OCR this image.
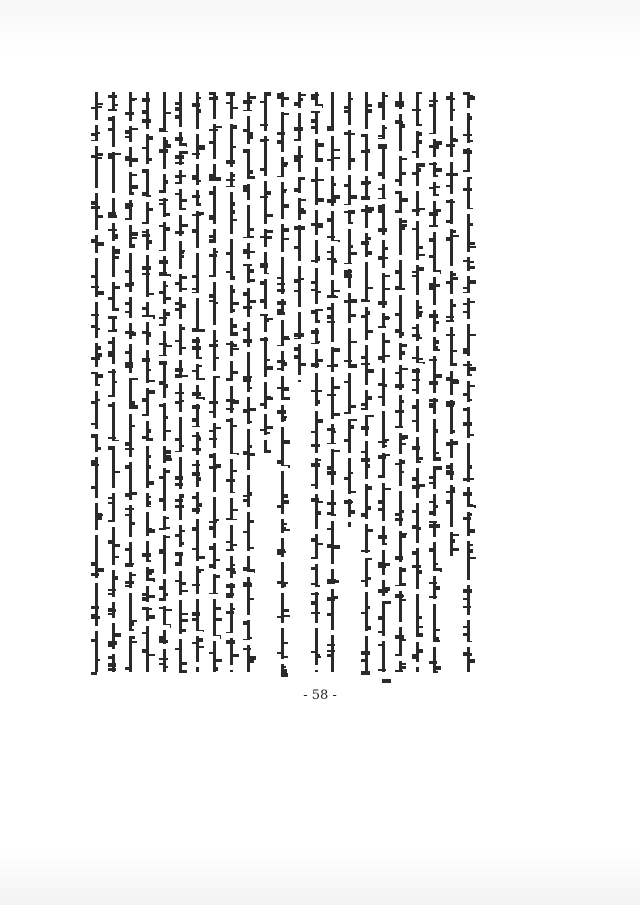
- 58 -
